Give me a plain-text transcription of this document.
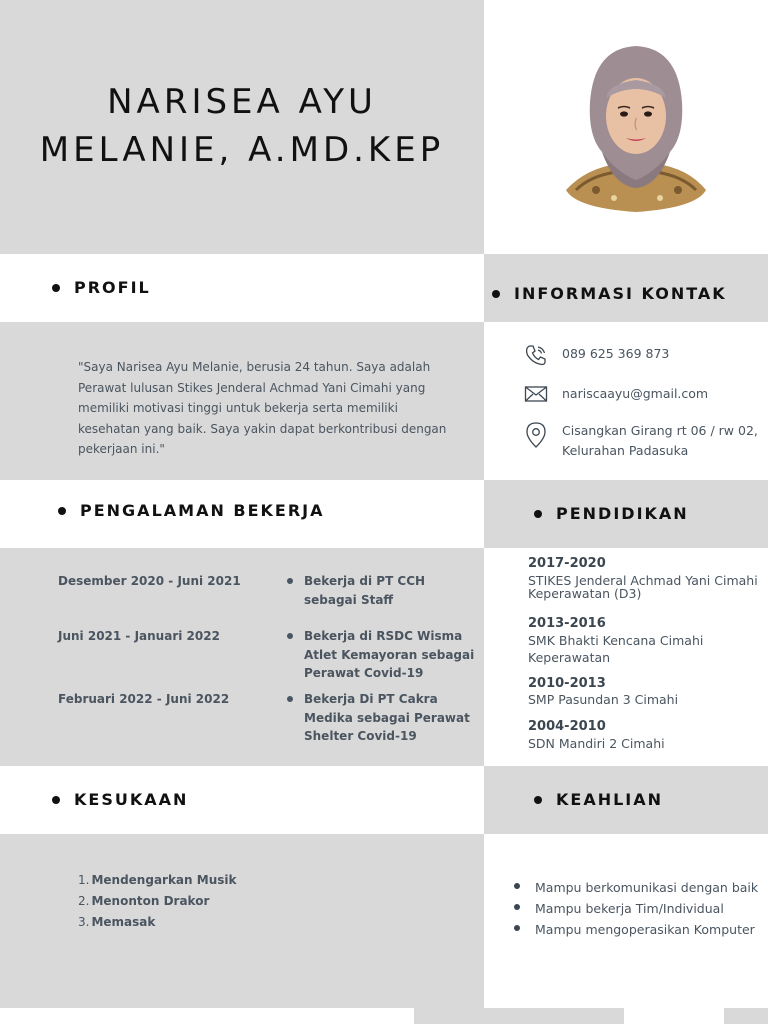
NARISEA AYU
MELANIE, A.MD.KEP
PROFIL	INFORMASI KONTAK
PENGALAMAN BEKERJA	PENDIDIKAN
KESUKAAN	KEAHLIAN

"Saya Narisea Ayu Melanie, berusia 24 tahun. Saya adalah Perawat lulusan Stikes Jenderal Achmad Yani Cimahi yang memiliki motivasi tinggi untuk bekerja serta memiliki kesehatan yang baik. Saya yakin dapat berkontribusi dengan pekerjaan ini."

089 625 369 873
nariscaayu@gmail.com
Cisangkan Girang rt 06 / rw 02, Kelurahan Padasuka
Desember 2020 - Juni 2021	Bekerja di PT CCH sebagai Staff
Juni 2021 - Januari 2022	Bekerja di RSDC Wisma Atlet Kemayoran sebagai Perawat Covid-19
Februari 2022 - Juni 2022	Bekerja Di PT Cakra Medika sebagai Perawat Shelter Covid-19
2017-2020
STIKES Jenderal Achmad Yani Cimahi
Keperawatan (D3)
2013-2016
SMK Bhakti Kencana Cimahi
Keperawatan
2010-2013
SMP Pasundan 3 Cimahi
2004-2010
SDN Mandiri 2 Cimahi
1. Mendengarkan Musik
2. Menonton Drakor
3. Memasak
Mampu berkomunikasi dengan baik
Mampu bekerja Tim/Individual
Mampu mengoperasikan Komputer
